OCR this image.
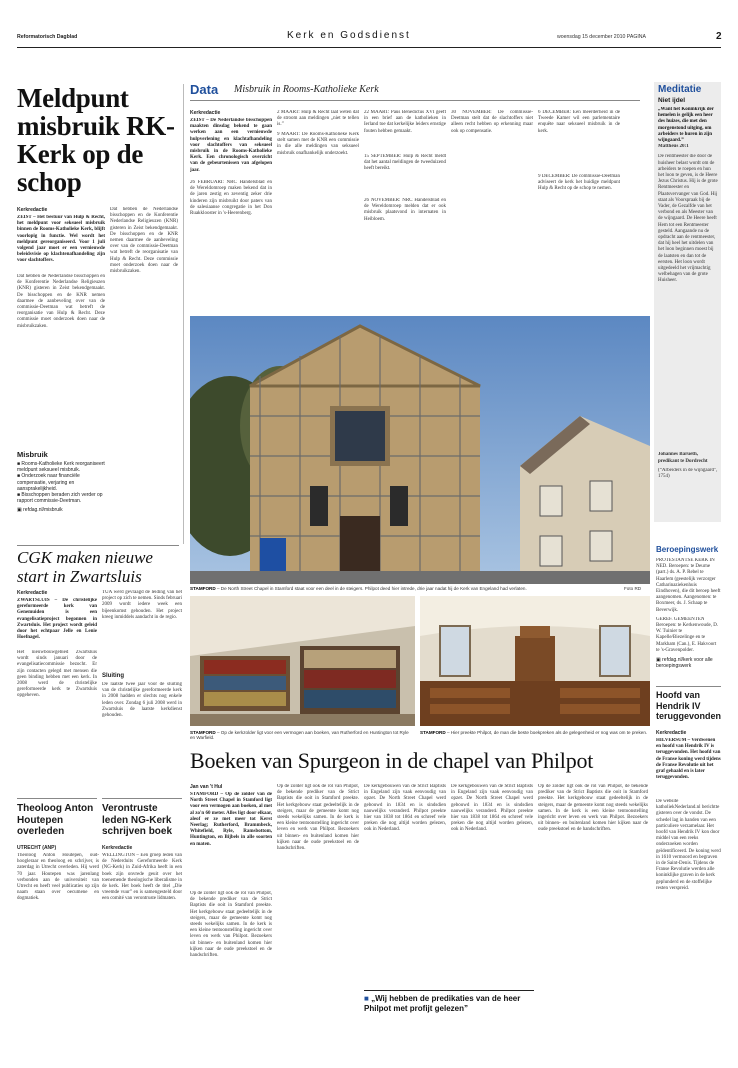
Reformatorisch Dagblad	Kerk en Godsdienst	woensdag 15 december 2010 PAGINA	2
Meldpunt misbruik RK-Kerk op de schop
Kerkredactie
ZEIST – Het bestuur van Hulp & Recht, het meldpunt voor seksueel misbruik binnen de Rooms-Katholieke Kerk, blijft voorlopig in functie. Wel wordt het meldpunt gereorganiseerd. Voor 1 juli volgend jaar moet er een vernieuwde beleidsvisie op klachtenafhandeling zijn voor slachtoffers.
Dat hebben de Nederlandse bisschoppen en de Konferentie Nederlandse Religieuzen (KNR) gisteren in Zeist bekendgemaakt. De bisschoppen en de KNR nemen daarmee de aanbeveling over van de commissie-Deetman wat betreft de reorganisatie van Hulp & Recht. Deze commissie moet onderzoek doen naar de misbruikzaken.
Misbruik
■ Rooms-Katholieke Kerk reorganiseert meldpunt seksueel misbruik.
■ Onderzoek naar financiële compensatie, verjaring en aansprakelijkheid.
■ Bisschoppen beraden zich verder op rapport commissie-Deetman.
▣ refdag.nl/misbruik
Dat hebben de Nederlandse bisschoppen en de Konferentie Nederlandse Religieuzen (KNR) gisteren in Zeist bekendgemaakt. De bisschoppen en de KNR nemen daarmee de aanbeveling over van de commissie-Deetman wat betreft de reorganisatie van Hulp & Recht. Deze commissie moet onderzoek doen naar de misbruikzaken.
Data Misbruik in Rooms-Katholieke Kerk
Kerkredactie
ZEIST – De Nederlandse bisschoppen maakten dinsdag bekend te gaan werken aan een vernieuwde hulpverlening en klachtafhandeling voor slachtoffers van seksueel misbruik in de Rooms-Katholieke Kerk. Een chronologisch overzicht van de gebeurtenissen van afgelopen jaar.
26 FEBRUARI: NRC Handelsblad en de Wereldomroep maken bekend dat in de jaren zestig en zeventig zeker drie kinderen zijn misbruikt door paters van de salesiaanse congregatie in het Don Ruakklooster in 's-Heerenberg.
2 MAART: Hulp & Recht laat weten dat de stroom aan meldingen „niet te tellen is.”
9 MAART: De Rooms-Katholieke Kerk stelt samen met de KNR een commissie in die alle meldingen van seksueel misbruik onafhankelijk onderzoekt.
22 MAART: Paus Benedictus XVI geeft in een brief aan de katholieken in Ierland toe dat kerkelijke leiders ernstige fouten hebben gemaakt.
15 SEPTEMBER: Hulp & Recht meldt dat het aantal meldingen de tweeduizend heeft bereikt.
26 NOVEMBER: NRC Handelsblad en de Wereldomroep melden dat er ook misbruik plaatsvond in internaten in Heibloem.
30 NOVEMBER: De commissie-Deetman stelt dat de slachtoffers niet alleen recht hebben op erkenning maar ook op compensatie.
6 DECEMBER: Een meerderheid in de Tweede Kamer wil een parlementaire enquête naar seksueel misbruik in de kerk.
9 DECEMBER: De commissie-Deetman adviseert de kerk het huidige meldpunt Hulp & Recht op de schop te nemen.
Meditatie
Niet ijdel
„Want het Koninkrijk der hemelen is gelijk een heer des huizes, die met den morgenstond uitging, om arbeiders te huren in zijn wijngaard.”
Mattheüs 20:1
De rentmeester die door de huisheer belast wordt om de arbeiders te roepen en hun het loon te geven, is de Heere Jezus Christus. Hij is de grote Rentmeester en Plaatsvervanger van God. Hij staat als Voorspraak bij de Vader, de Gezalfde van het verbond en als Meester van de wijngaard. De Heere heeft Hem tot een Rentmeester gesteld. Aangaande nu de opdracht aan de rentmeester, dat hij heel het uitdelen van het loon beginnen moest bij de laatsten en dan tot de eersten. Het loon wordt uitgedeeld het vrijmachtig welbehagen van de grote Huisheer.
Johannes Barueth, predikant te Dordrecht
(“Arbeiders in de wijngaard”, 1754)
STAMFORD – De North Street Chapel in Stamford staat voor een deel in de steigers. Philpot deed hier intrede, drie jaar nadat hij de Kerk van Engeland had verlaten.	Foto RD
CGK maken nieuwe start in Zwartsluis
Kerkredactie
ZWARTSLUIS – De christelijke gereformeerde kerk van Genemuiden is een evangelisatieproject begonnen in Zwartsluis. Het project wordt geleid door het echtpaar Jelle en Lenie Hoefnagel.
Het nieuwbouwgebied Zwartsluis wordt sinds januari door de evangelisatiecommissie bezocht. Er zijn contacten gelegd met mensen die geen binding hebben met een kerk. In 2008 werd de christelijke gereformeerde kerk te Zwartsluis opgeheven.
TUA werd gevraagd de leiding van het project op zich te nemen. Sinds februari 2009 wordt iedere week een bijeenkomst gehouden. Het project kreeg inmiddels aandacht in de regio.
Sluiting
De laatste twee jaar voor de sluiting van de christelijke gereformeerde kerk in 2008 hadden er slechts nog enkele leden over. Zondag 6 juli 2008 werd in Zwartsluis de laatste kerkdienst gehouden.
STAMFORD – Op de kerkzolder ligt voor een vermogen aan boeken, van Rutherford en Huntington tot Ryle en Warfield.
STAMFORD – Hier preekte Philpot, de man die beste boekpreken als de gelegenheid er nog was om te preken.
Boeken van Spurgeon in de chapel van Philpot
Jan van 't Hul
STAMFORD – Op de zolder van de North Street Chapel in Stamford ligt voor een vermogen aan boeken, al met al zo'n 60 meter. Alles ligt door elkaar, aleof er ze met meer tot Kerst Neerlag; Rutherford, Brammbeck, Whitefield, Ryle, Ramsbottom, Huntington, en Bijbels in alle soorten en maten.
Op de zolder ligt ook de rol van Philpot, de bekende prediker van de Strict Baptists die ooit in Stamford preekte. Het kerkgebouw staat gedeeltelijk in de steigers, maar de gemeente komt nog steeds wekelijks samen. In de kerk is een kleine tentoonstelling ingericht over leven en werk van Philpot. Bezoekers uit binnen- en buitenland komen hier kijken naar de oude preekstoel en de handschriften.
Op de zolder ligt ook de rol van Philpot, de bekende prediker van de Strict Baptists die ooit in Stamford preekte. Het kerkgebouw staat gedeeltelijk in de steigers, maar de gemeente komt nog steeds wekelijks samen. In de kerk is een kleine tentoonstelling ingericht over leven en werk van Philpot. Bezoekers uit binnen- en buitenland komen hier kijken naar de oude preekstoel en de handschriften.
De kerkgebouwen van de Strict Baptists in Engeland zijn vaak eenvoudig van opzet. De North Street Chapel werd gebouwd in 1834 en is sindsdien nauwelijks veranderd. Philpot preekte hier van 1838 tot 1864 en schreef vele preken die nog altijd worden gelezen, ook in Nederland.
De kerkgebouwen van de Strict Baptists in Engeland zijn vaak eenvoudig van opzet. De North Street Chapel werd gebouwd in 1834 en is sindsdien nauwelijks veranderd. Philpot preekte hier van 1838 tot 1864 en schreef vele preken die nog altijd worden gelezen, ook in Nederland.
Op de zolder ligt ook de rol van Philpot, de bekende prediker van de Strict Baptists die ooit in Stamford preekte. Het kerkgebouw staat gedeeltelijk in de steigers, maar de gemeente komt nog steeds wekelijks samen. In de kerk is een kleine tentoonstelling ingericht over leven en werk van Philpot. Bezoekers uit binnen- en buitenland komen hier kijken naar de oude preekstoel en de handschriften.
■ „Wij hebben de predikaties van de heer Philpot met profijt gelezen”
Theoloog Anton Houtepen overleden
UTRECHT (ANP)
Theoloog Anton Houtepen, oud-hoogleraar en theoloog en schrijver, is zaterdag in Utrecht overleden. Hij werd 70 jaar. Houtepen was jarenlang verbonden aan de universiteit van Utrecht en heeft veel publicaties op zijn naam staan over oecumene en dogmatiek.
Verontruste leden NG-Kerk schrijven boek
Kerkredactie
WELLINGTON – Een groep leden van de Nederduits Gereformeerde Kerk (NG-Kerk) in Zuid-Afrika heeft in een boek zijn onvrede geuit over het toenemende theologische liberalisme in de kerk. Het boek heeft de titel „Die vreemde vuur” en is samengesteld door een comité van verontruste lidmaten.
Beroepingswerk
PROTESTANTSE KERK IN NED. Beroepen: te Deurne (part.) ds. A. P. Rebel te Haarlem (geestelijk verzorger Catharinaziekenhuis Eindhoven), die dit beroep heeft aangenomen. Aangenomen: te Boxmeer, ds. J. Schaap te Beverwijk.
GEREF. GEMEENTEN Beroepen: te Kerkenwoude, D. W. Tuinier te Kapelle/Biezelinge en te Markham (Can.), E. Hakvoort te 's-Gravenpolder.
▣ refdag.nl/kerk voor alle beroepingswerk
Hoofd van Hendrik IV teruggevonden
Kerkredactie
HILVERSUM – Verdwenen en hoofd van Hendrik IV is teruggevonden. Het hoofd van de Franse koning werd tijdens de Franse Revolutie uit het graf gehaald en is later teruggevonden.
De website katholiekNederland.nl berichtte gisteren over de vondst. De schedel lag in handen van een particuliere verzamelaar. Het hoofd van Hendrik IV kon door middel van een reeks onderzoeken worden geïdentificeerd. De koning werd in 1610 vermoord en begraven in de Saint-Denis. Tijdens de Franse Revolutie werden alle koninklijke graven in de kerk geplunderd en de stoffelijke resten verspreid.
